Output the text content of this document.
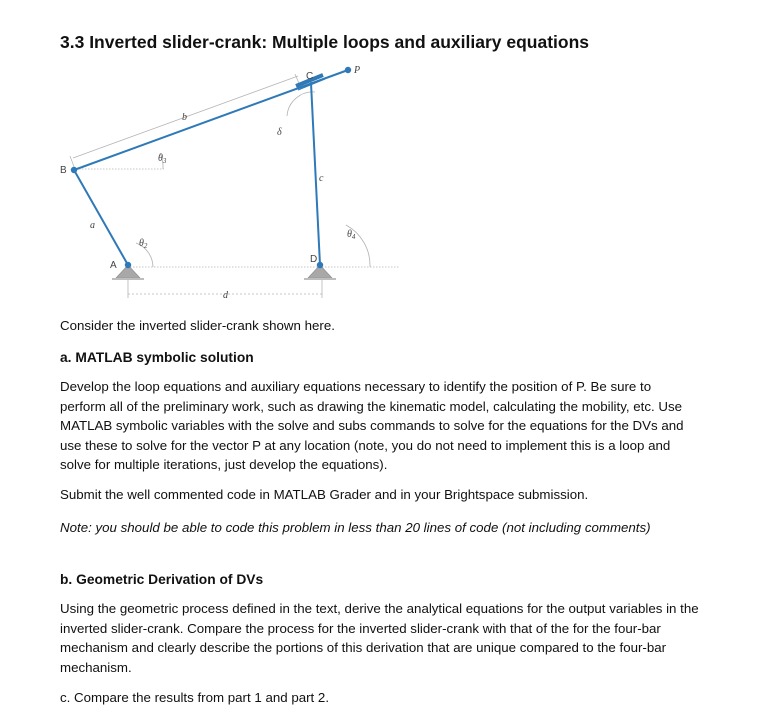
3.3 Inverted slider-crank: Multiple loops and auxiliary equations
A
B
C
D
P
a
b
c
d
δ
$\theta_2$
$\theta_3$
$\theta_4$
Consider the inverted slider-crank shown here.
a. MATLAB symbolic solution
Develop the loop equations and auxiliary equations necessary to identify the position of P. Be sure to perform all of the preliminary work, such as drawing the kinematic model, calculating the mobility, etc. Use MATLAB symbolic variables with the solve and subs commands to solve for the equations for the DVs and use these to solve for the vector P at any location (note, you do not need to implement this is a loop and solve for multiple iterations, just develop the equations).
Submit the well commented code in MATLAB Grader and in your Brightspace submission.
Note: you should be able to code this problem in less than 20 lines of code (not including comments)
b. Geometric Derivation of DVs
Using the geometric process defined in the text, derive the analytical equations for the output variables in the inverted slider-crank. Compare the process for the inverted slider-crank with that of the for the four-bar mechanism and clearly describe the portions of this derivation that are unique compared to the four-bar mechanism.
c. Compare the results from part 1 and part 2.
